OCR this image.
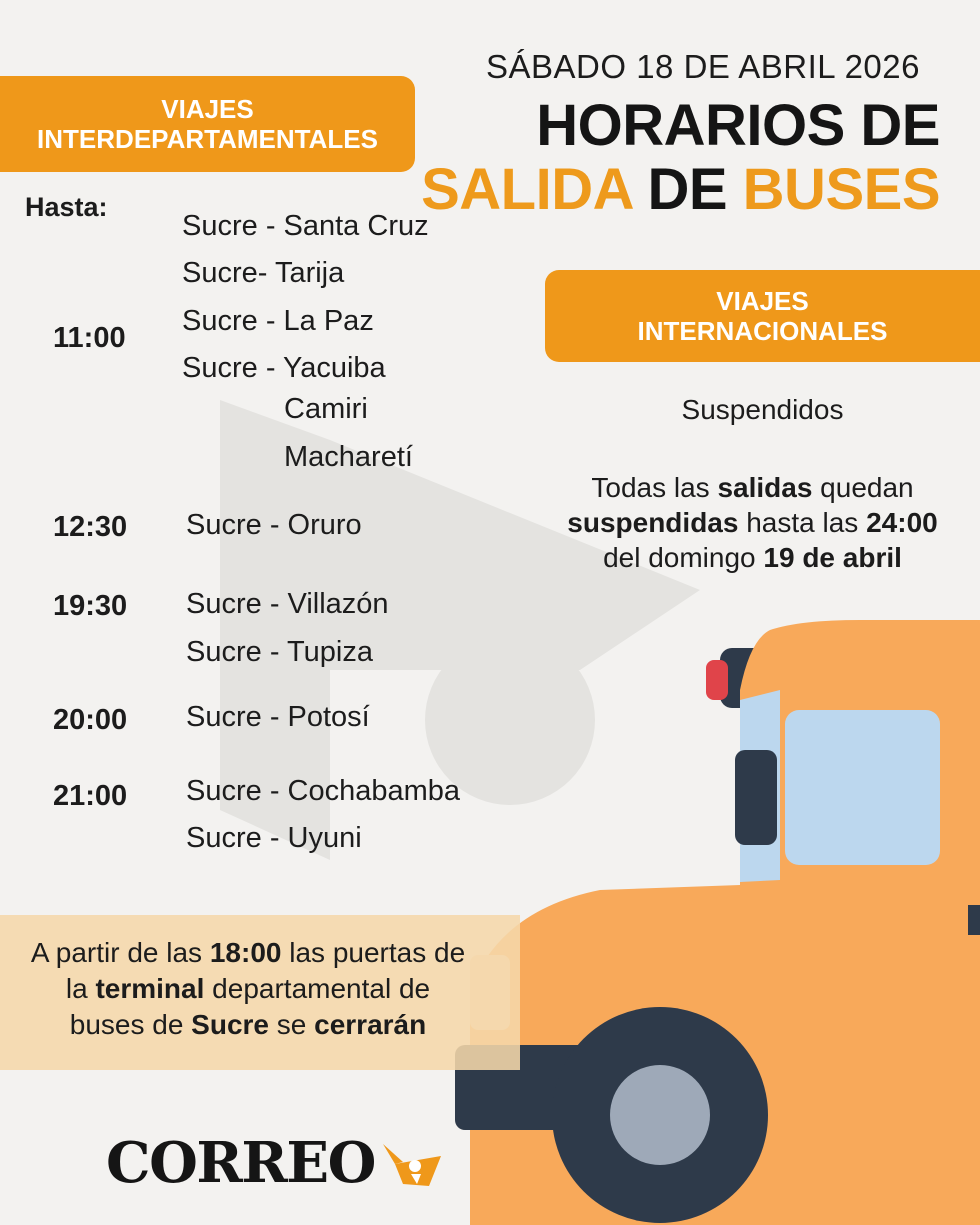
SÁBADO 18 DE ABRIL 2026
HORARIOS DE
SALIDA DE BUSES
VIAJES
INTERDEPARTAMENTALES
Hasta:
11:00
Sucre - Santa Cruz
Sucre- Tarija
Sucre - La Paz
Sucre - Yacuiba
Camiri
Macharetí
12:30 Sucre - Oruro
19:30 Sucre - Villazón
Sucre - Tupiza
20:00 Sucre - Potosí
21:00 Sucre - Cochabamba
Sucre - Uyuni
VIAJES
INTERNACIONALES
Suspendidos
Todas las salidas quedan
suspendidas hasta las 24:00
del domingo 19 de abril
A partir de las 18:00 las puertas de
la terminal departamental de
buses de Sucre se cerrarán
CORREO
